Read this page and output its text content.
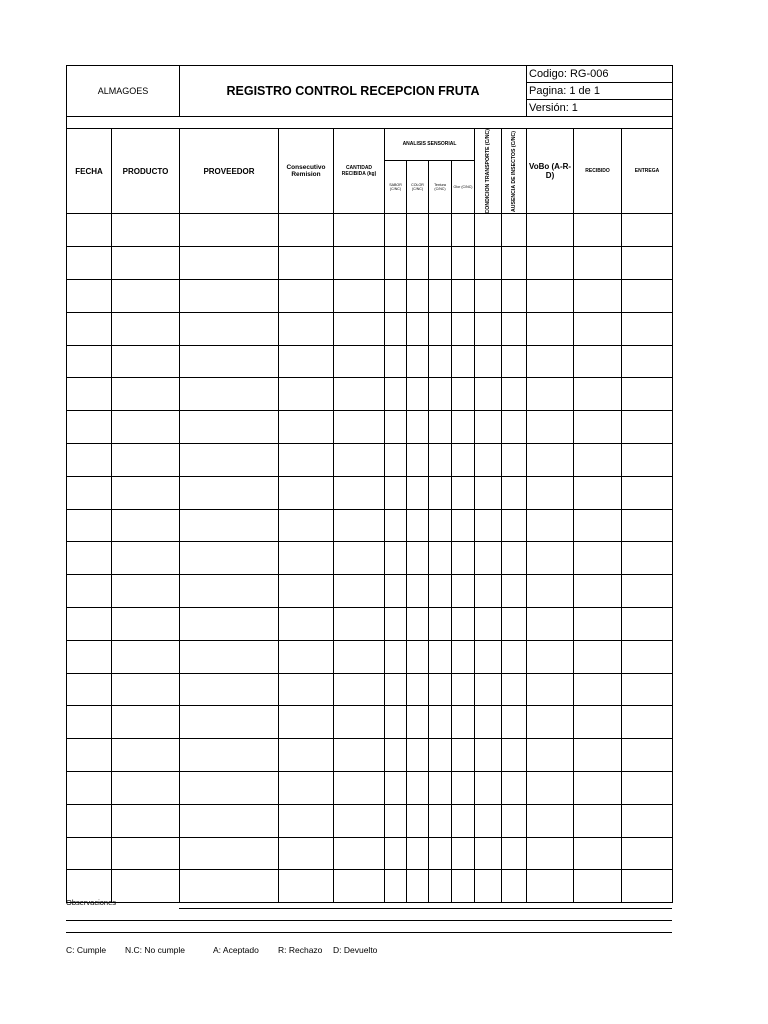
ALMAGOES	REGISTRO CONTROL RECEPCION FRUTA	Codigo: RG-006
Pagina: 1 de 1
Versión: 1

FECHA	PRODUCTO	PROVEEDOR	Consecutivo Remision	CANTIDAD RECIBIDA (kg)	ANALISIS SENSORIAL				CONDICION TRANSPORTE (C/NC)	AUSENCIA DE INSECTOS (C/NC)	VoBo (A-R-D)	RECIBIDO	ENTREGA
					SABOR (C/NC)	COLOR (C/NC)	Textura (C/NC)	Olor (C/NC)					

Observaciones
C: Cumple N.C: No cumple	A: Aceptado R: Rechazo D: Devuelto
